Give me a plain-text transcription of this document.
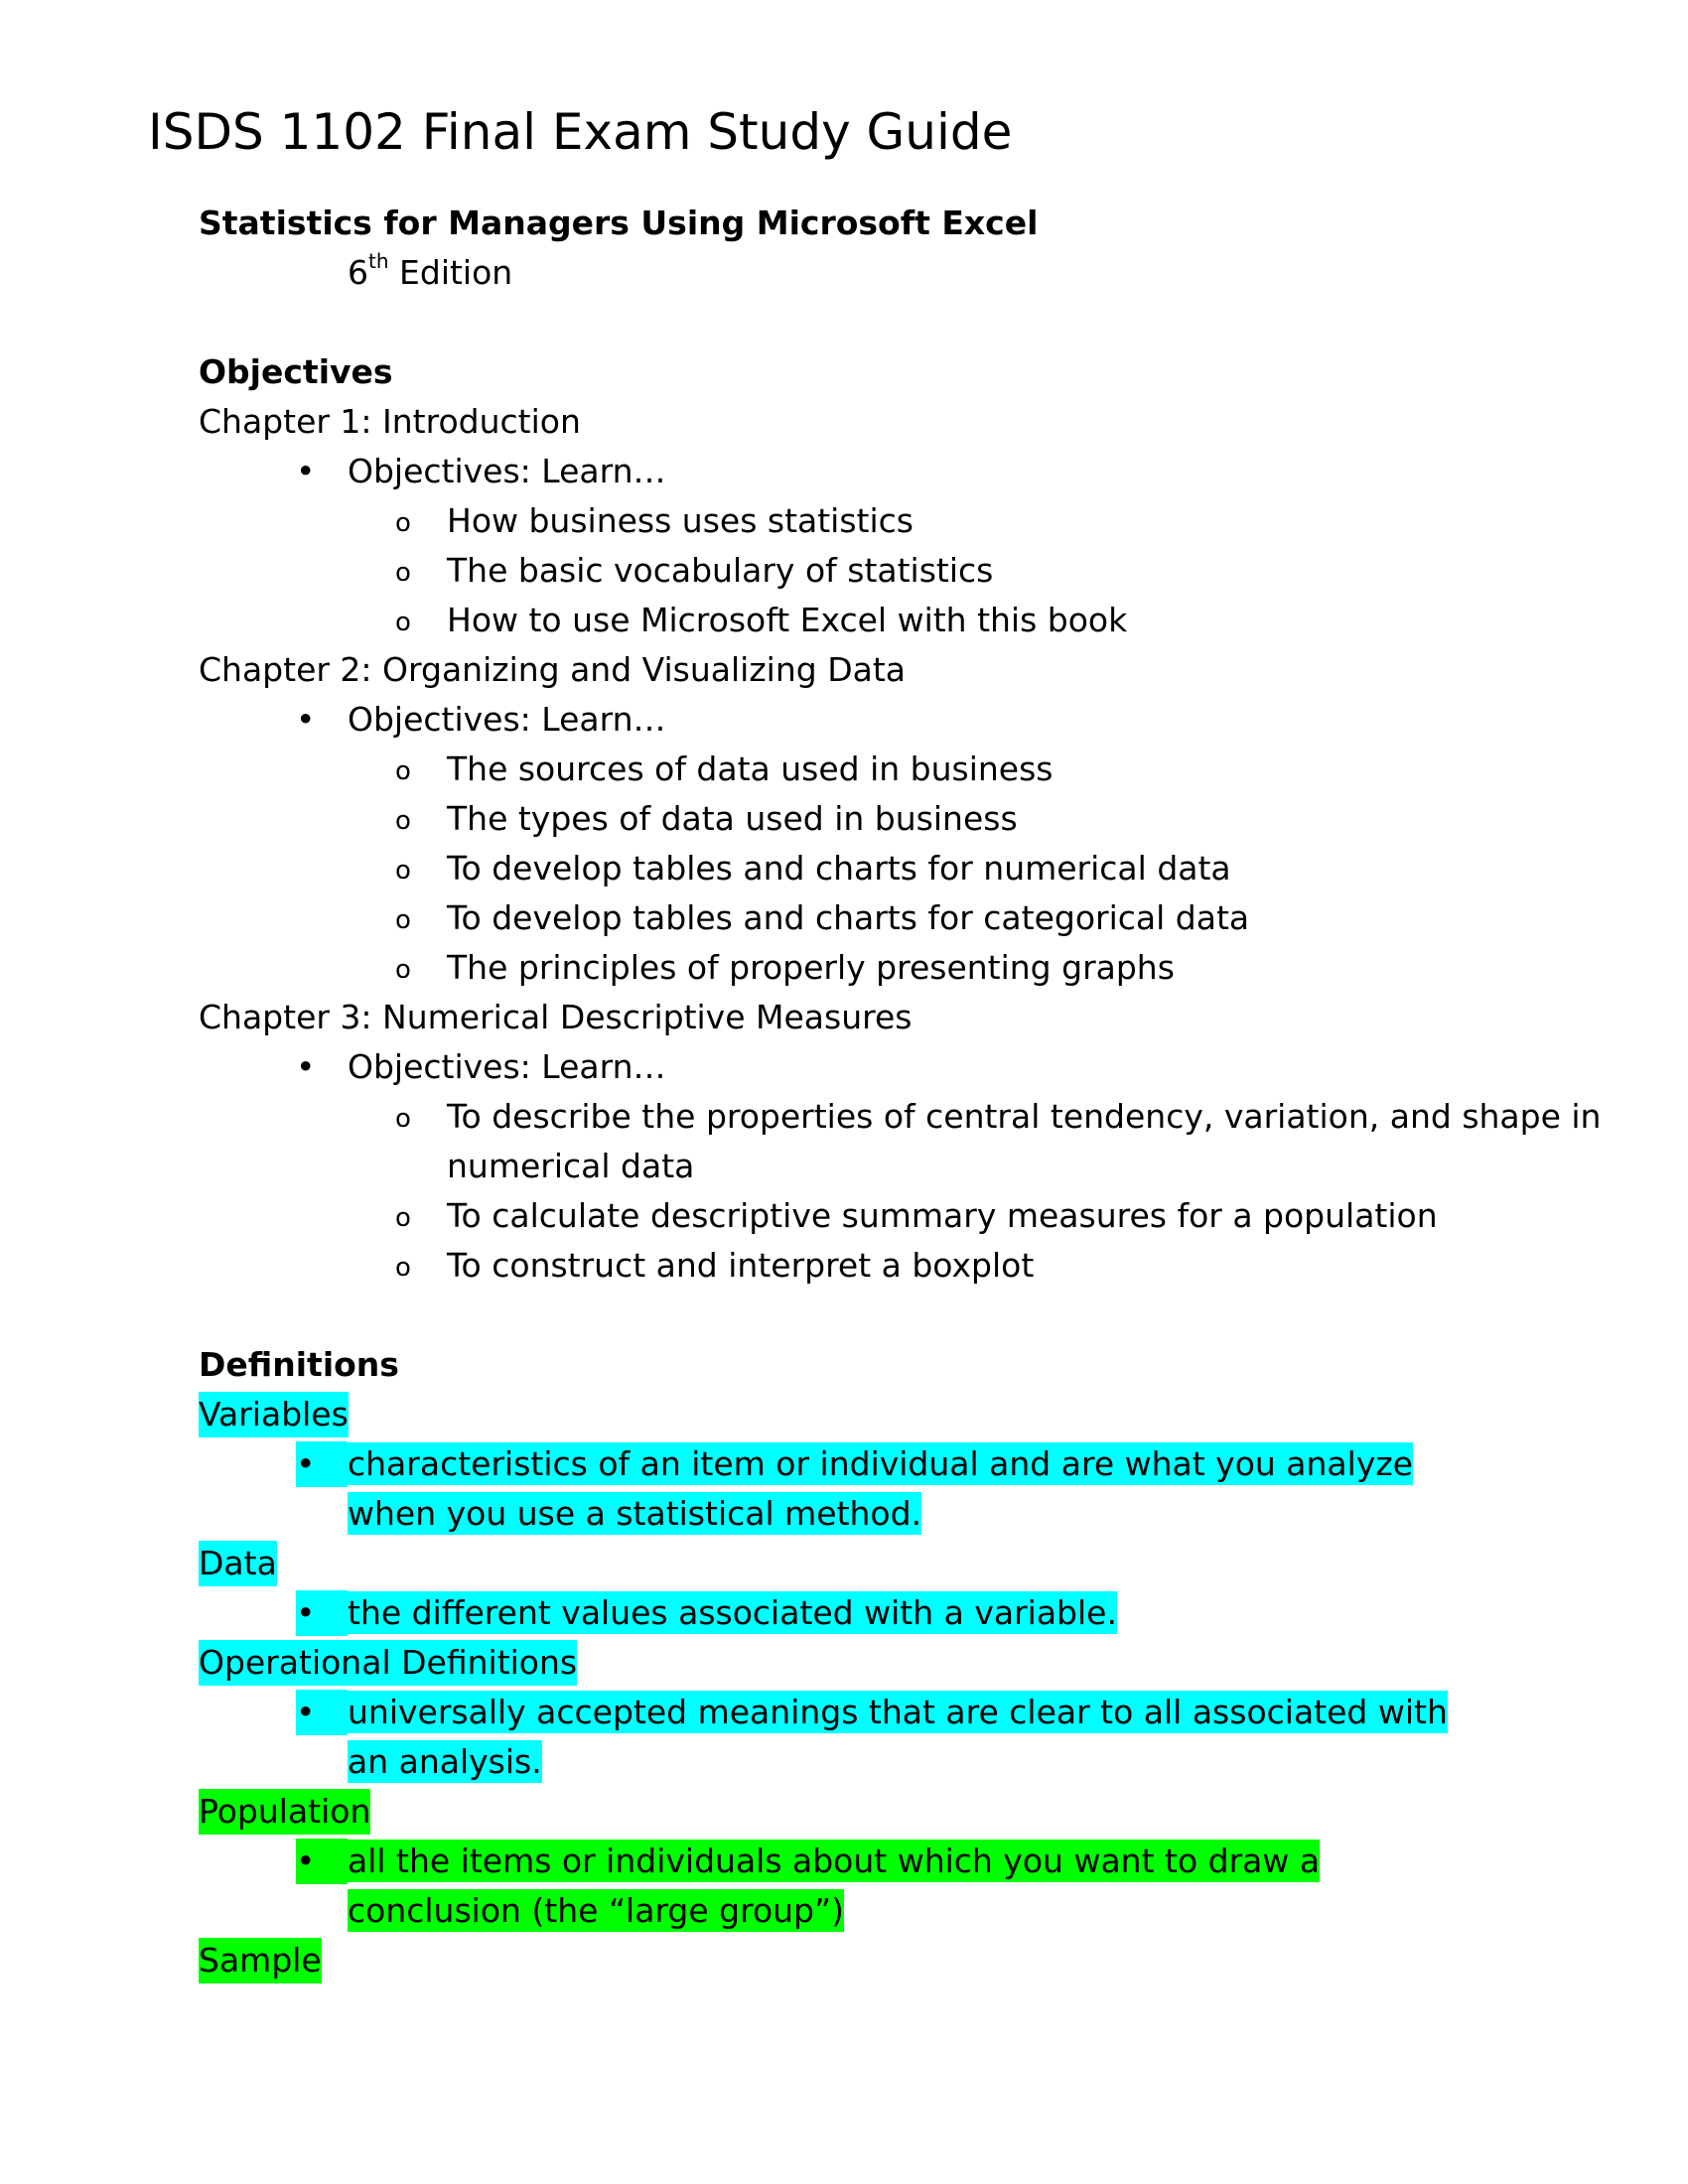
ISDS 1102 Final Exam Study Guide
Statistics for Managers Using Microsoft Excel
6th Edition
Objectives
Chapter 1: Introduction
• Objectives: Learn…
o How business uses statistics
o The basic vocabulary of statistics
o How to use Microsoft Excel with this book
Chapter 2: Organizing and Visualizing Data
• Objectives: Learn…
o The sources of data used in business
o The types of data used in business
o To develop tables and charts for numerical data
o To develop tables and charts for categorical data
o The principles of properly presenting graphs
Chapter 3: Numerical Descriptive Measures
• Objectives: Learn…
o To describe the properties of central tendency, variation, and shape in numerical data
o To calculate descriptive summary measures for a population
o To construct and interpret a boxplot
Definitions
Variables
• characteristics of an item or individual and are what you analyze when you use a statistical method.
Data
• the different values associated with a variable.
Operational Definitions
• universally accepted meanings that are clear to all associated with an analysis.
Population
• all the items or individuals about which you want to draw a conclusion (the “large group”)
Sample
